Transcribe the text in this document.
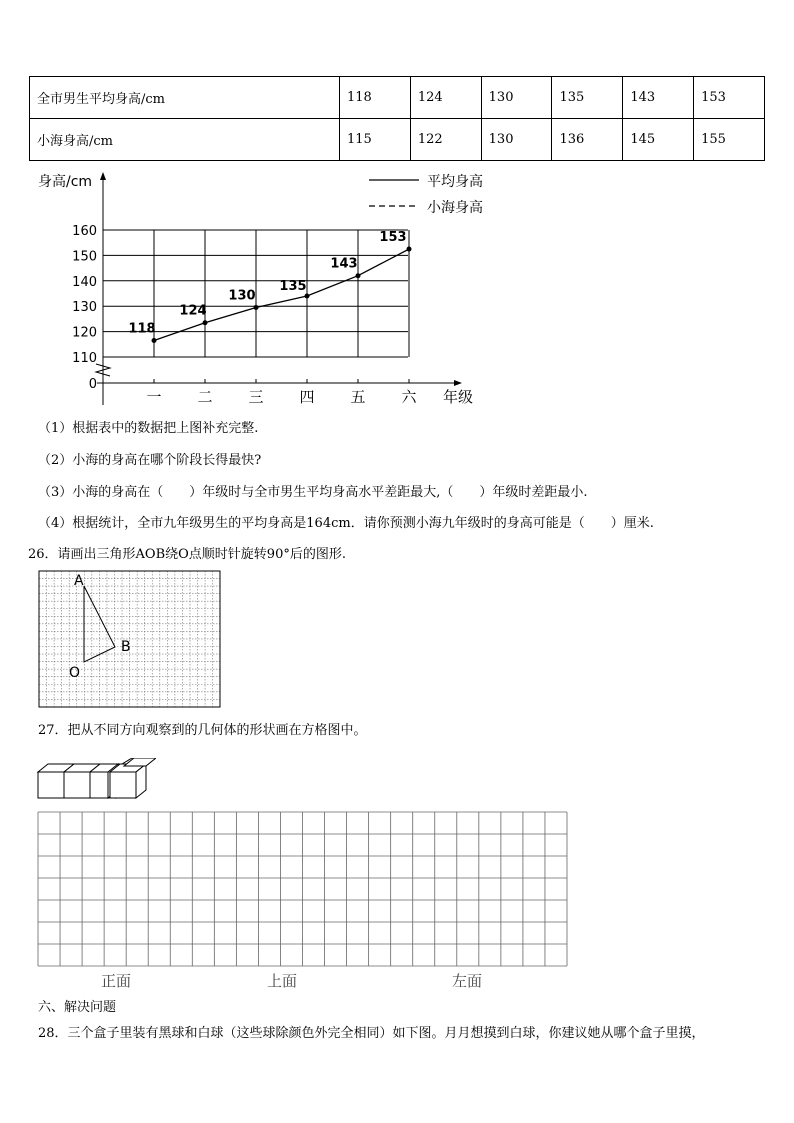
全市男生平均身高/cm	118	124	130	135	143	153
小海身高/cm	115	122	130	136	145	155
身高/cm
年级
0
110
120
130
140
150
160
一 二 三 四 五 六
118
124
130
135
143
153
平均身高
小海身高
（1）根据表中的数据把上图补充完整.
（2）小海的身高在哪个阶段长得最快?
（3）小海的身高在（　　）年级时与全市男生平均身高水平差距最大,（　　）年级时差距最小.
（4）根据统计，全市九年级男生的平均身高是164cm．请你预测小海九年级时的身高可能是（　　）厘米.
26．请画出三角形AOB绕O点顺时针旋转90°后的图形.
A
B
O
27．把从不同方向观察到的几何体的形状画在方格图中。
正面	上面	左面
六、解决问题
28．三个盒子里装有黑球和白球（这些球除颜色外完全相同）如下图。月月想摸到白球，你建议她从哪个盒子里摸，
